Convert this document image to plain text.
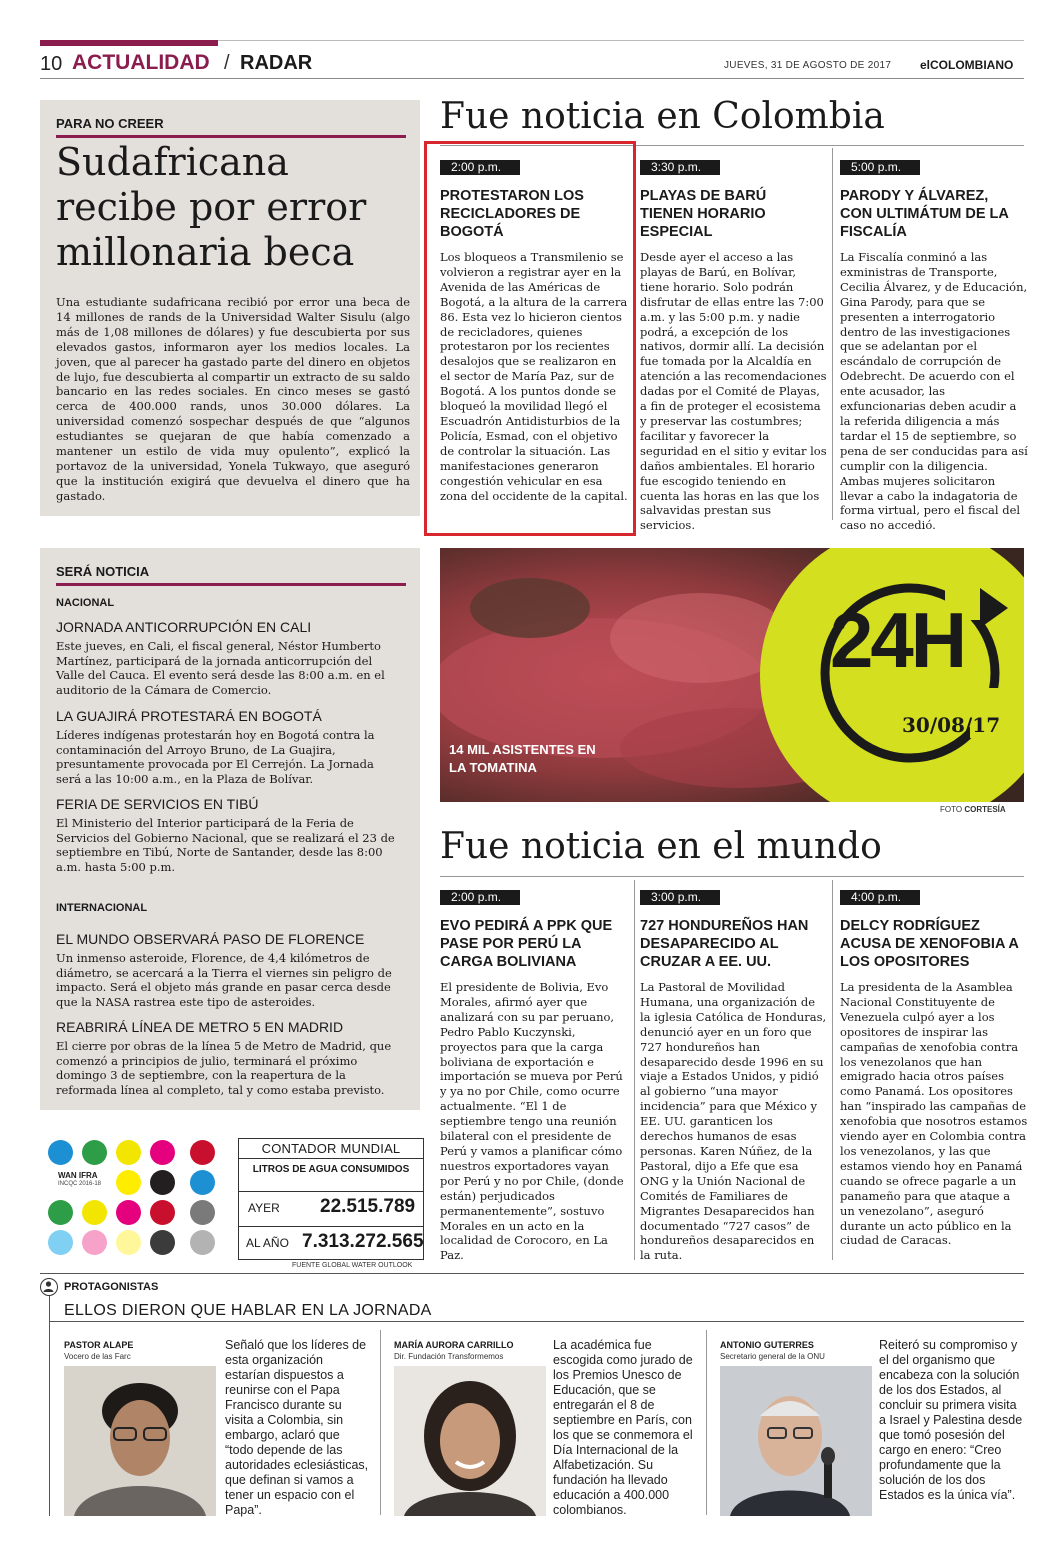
10 ACTUALIDAD / RADAR	JUEVES, 31 DE AGOSTO DE 2017 elCOLOMBIANO
PARA NO CREER
Sudafricana recibe por error millonaria beca
Una estudiante sudafricana recibió por error una beca de 14 millones de rands de la Universidad Walter Sisulu (algo más de 1,08 millones de dólares) y fue descubierta por sus elevados gastos, informaron ayer los medios locales. La joven, que al parecer ha gastado parte del dinero en objetos de lujo, fue descubierta al compartir un extracto de su saldo bancario en las redes sociales. En cinco meses se gastó cerca de 400.000 rands, unos 30.000 dólares. La universidad comenzó sospechar después de que “algunos estudiantes se quejaran de que había comenzado a mantener un estilo de vida muy opulento”, explicó la portavoz de la universidad, Yonela Tukwayo, que aseguró que la institución exigirá que devuelva el dinero que ha gastado.
SERÁ NOTICIA
NACIONAL
JORNADA ANTICORRUPCIÓN EN CALI
Este jueves, en Cali, el fiscal general, Néstor Humberto Martínez, participará de la jornada anticorrupción del Valle del Cauca. El evento será desde las 8:00 a.m. en el auditorio de la Cámara de Comercio.
LA GUAJIRÁ PROTESTARÁ EN BOGOTÁ
Líderes indígenas protestarán hoy en Bogotá contra la contaminación del Arroyo Bruno, de La Guajira, presuntamente provocada por El Cerrejón. La Jornada será a las 10:00 a.m., en la Plaza de Bolívar.
FERIA DE SERVICIOS EN TIBÚ
El Ministerio del Interior participará de la Feria de Servicios del Gobierno Nacional, que se realizará el 23 de septiembre en Tibú, Norte de Santander, desde las 8:00 a.m. hasta 5:00 p.m.
INTERNACIONAL
EL MUNDO OBSERVARÁ PASO DE FLORENCE
Un inmenso asteroide, Florence, de 4,4 kilómetros de diámetro, se acercará a la Tierra el viernes sin peligro de impacto. Será el objeto más grande en pasar cerca desde que la NASA rastrea este tipo de asteroides.
REABRIRÁ LÍNEA DE METRO 5 EN MADRID
El cierre por obras de la línea 5 de Metro de Madrid, que comenzó a principios de julio, terminará el próximo domingo 3 de septiembre, con la reapertura de la reformada línea al completo, tal y como estaba previsto.
Fue noticia en Colombia
2:00 p.m.
PROTESTARON LOS RECICLADORES DE BOGOTÁ
Los bloqueos a Transmilenio se volvieron a registrar ayer en la Avenida de las Américas de Bogotá, a la altura de la carrera 86. Esta vez lo hicieron cientos de recicladores, quienes protestaron por los recientes desalojos que se realizaron en el sector de María Paz, sur de Bogotá. A los puntos donde se bloqueó la movilidad llegó el Escuadrón Antidisturbios de la Policía, Esmad, con el objetivo de controlar la situación. Las manifestaciones generaron congestión vehicular en esa zona del occidente de la capital.
3:30 p.m.
PLAYAS DE BARÚ TIENEN HORARIO ESPECIAL
Desde ayer el acceso a las playas de Barú, en Bolívar, tiene horario. Solo podrán disfrutar de ellas entre las 7:00 a.m. y las 5:00 p.m. y nadie podrá, a excepción de los nativos, dormir allí. La decisión fue tomada por la Alcaldía en atención a las recomendaciones dadas por el Comité de Playas, a fin de proteger el ecosistema y preservar las costumbres; facilitar y favorecer la seguridad en el sitio y evitar los daños ambientales. El horario fue escogido teniendo en cuenta las horas en las que los salvavidas prestan sus servicios.
5:00 p.m.
PARODY Y ÁLVAREZ, CON ULTIMÁTUM DE LA FISCALÍA
La Fiscalía conminó a las exministras de Transporte, Cecilia Álvarez, y de Educación, Gina Parody, para que se presenten a interrogatorio dentro de las investigaciones que se adelantan por el escándalo de corrupción de Odebrecht. De acuerdo con el ente acusador, las exfuncionarias deben acudir a la referida diligencia a más tardar el 15 de septiembre, so pena de ser conducidas para así cumplir con la diligencia. Ambas mujeres solicitaron llevar a cabo la indagatoria de forma virtual, pero el fiscal del caso no accedió.
24H
30/08/17
14 MIL ASISTENTES EN LA TOMATINA
FOTO CORTESÍA
Fue noticia en el mundo
2:00 p.m.
EVO PEDIRÁ A PPK QUE PASE POR PERÚ LA CARGA BOLIVIANA
El presidente de Bolivia, Evo Morales, afirmó ayer que analizará con su par peruano, Pedro Pablo Kuczynski, proyectos para que la carga boliviana de exportación e importación se mueva por Perú y ya no por Chile, como ocurre actualmente. “El 1 de septiembre tengo una reunión bilateral con el presidente de Perú y vamos a planificar cómo nuestros exportadores vayan por Perú y no por Chile, (donde están) perjudicados permanentemente”, sostuvo Morales en un acto en la localidad de Corocoro, en La Paz.
3:00 p.m.
727 HONDUREÑOS HAN DESAPARECIDO AL CRUZAR A EE. UU.
La Pastoral de Movilidad Humana, una organización de la iglesia Católica de Honduras, denunció ayer en un foro que 727 hondureños han desaparecido desde 1996 en su viaje a Estados Unidos, y pidió al gobierno “una mayor incidencia” para que México y EE. UU. garanticen los derechos humanos de esas personas. Karen Núñez, de la Pastoral, dijo a Efe que esa ONG y la Unión Nacional de Comités de Familiares de Migrantes Desaparecidos han documentado “727 casos” de hondureños desaparecidos en la ruta.
4:00 p.m.
DELCY RODRÍGUEZ ACUSA DE XENOFOBIA A LOS OPOSITORES
La presidenta de la Asamblea Nacional Constituyente de Venezuela culpó ayer a los opositores de inspirar las campañas de xenofobia contra los venezolanos que han emigrado hacia otros países como Panamá. Los opositores han “inspirado las campañas de xenofobia que nosotros estamos viendo ayer en Colombia contra los venezolanos, y las que estamos viendo hoy en Panamá cuando se ofrece pagarle a un panameño para que ataque a un venezolano”, aseguró durante un acto público en la ciudad de Caracas.
WAN IFRA
INCQC 2016-18
CONTADOR MUNDIAL
LITROS DE AGUA CONSUMIDOS
AYER 22.515.789
AL AÑO 7.313.272.565
FUENTE GLOBAL WATER OUTLOOK
PROTAGONISTAS
ELLOS DIERON QUE HABLAR EN LA JORNADA
PASTOR ALAPE
Vocero de las Farc
Señaló que los líderes de esta organización estarían dispuestos a reunirse con el Papa Francisco durante su visita a Colombia, sin embargo, aclaró que “todo depende de las autoridades eclesiásticas, que definan si vamos a tener un espacio con el Papa”.
MARÍA AURORA CARRILLO
Dir. Fundación Transformemos
La académica fue escogida como jurado de los Premios Unesco de Educación, que se entregarán el 8 de septiembre en París, con los que se conmemora el Día Internacional de la Alfabetización. Su fundación ha llevado educación a 400.000 colombianos.
ANTONIO GUTERRES
Secretario general de la ONU
Reiteró su compromiso y el del organismo que encabeza con la solución de los dos Estados, al concluir su primera visita a Israel y Palestina desde que tomó posesión del cargo en enero: “Creo profundamente que la solución de los dos Estados es la única vía”.
